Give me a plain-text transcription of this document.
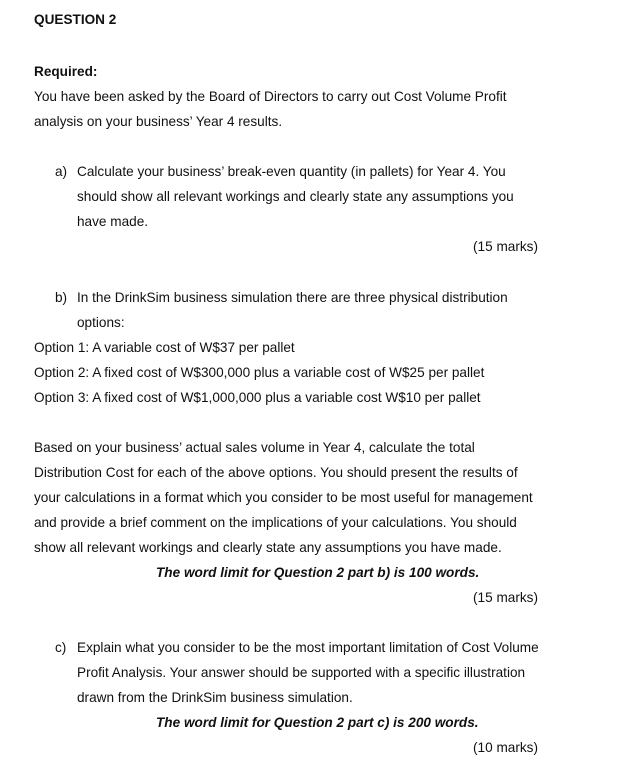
QUESTION 2
Required:
You have been asked by the Board of Directors to carry out Cost Volume Profit
analysis on your business’ Year 4 results.
a) Calculate your business’ break-even quantity (in pallets) for Year 4. You
should show all relevant workings and clearly state any assumptions you
have made.
(15 marks)
b) In the DrinkSim business simulation there are three physical distribution
options:
Option 1: A variable cost of W$37 per pallet
Option 2: A fixed cost of W$300,000 plus a variable cost of W$25 per pallet
Option 3: A fixed cost of W$1,000,000 plus a variable cost W$10 per pallet
Based on your business’ actual sales volume in Year 4, calculate the total
Distribution Cost for each of the above options. You should present the results of
your calculations in a format which you consider to be most useful for management
and provide a brief comment on the implications of your calculations. You should
show all relevant workings and clearly state any assumptions you have made.
The word limit for Question 2 part b) is 100 words.
(15 marks)
c) Explain what you consider to be the most important limitation of Cost Volume
Profit Analysis. Your answer should be supported with a specific illustration
drawn from the DrinkSim business simulation.
The word limit for Question 2 part c) is 200 words.
(10 marks)
